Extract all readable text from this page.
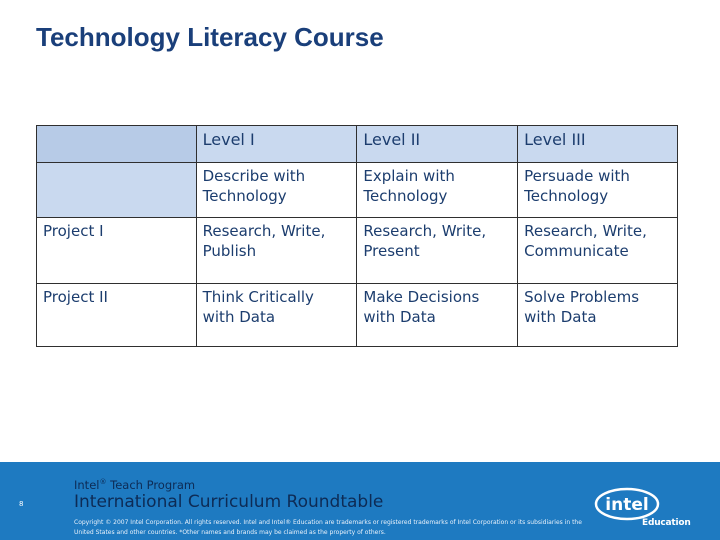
Technology Literacy Course
	Level I	Level II	Level III
	Describe with Technology	Explain with Technology	Persuade with Technology
Project I	Research, Write, Publish	Research, Write, Present	Research, Write, Communicate
Project II	Think Critically with Data	Make Decisions with Data	Solve Problems with Data
8
Intel® Teach Program
International Curriculum Roundtable
Copyright © 2007 Intel Corporation. All rights reserved. Intel and Intel® Education are trademarks or registered trademarks of Intel Corporation or its subsidiaries in the United States and other countries. *Other names and brands may be claimed as the property of others.
intel
Education
